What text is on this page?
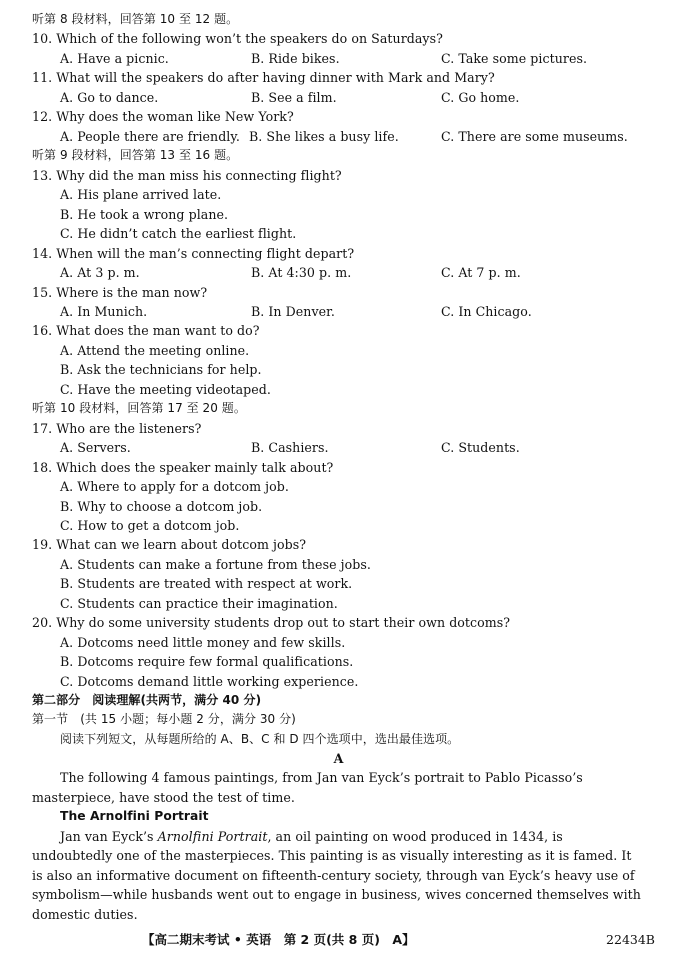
听第 8 段材料，回答第 10 至 12 题。
10. Which of the following won’t the speakers do on Saturdays?
A. Have a picnic.	B. Ride bikes.	C. Take some pictures.
11. What will the speakers do after having dinner with Mark and Mary?
A. Go to dance.	B. See a film.	C. Go home.
12. Why does the woman like New York?
A. People there are friendly. B. She likes a busy life.	C. There are some museums.
听第 9 段材料，回答第 13 至 16 题。
13. Why did the man miss his connecting flight?
A. His plane arrived late.
B. He took a wrong plane.
C. He didn’t catch the earliest flight.
14. When will the man’s connecting flight depart?
A. At 3 p. m.	B. At 4:30 p. m.	C. At 7 p. m.
15. Where is the man now?
A. In Munich.	B. In Denver.	C. In Chicago.
16. What does the man want to do?
A. Attend the meeting online.
B. Ask the technicians for help.
C. Have the meeting videotaped.
听第 10 段材料，回答第 17 至 20 题。
17. Who are the listeners?
A. Servers.	B. Cashiers.	C. Students.
18. Which does the speaker mainly talk about?
A. Where to apply for a dotcom job.
B. Why to choose a dotcom job.
C. How to get a dotcom job.
19. What can we learn about dotcom jobs?
A. Students can make a fortune from these jobs.
B. Students are treated with respect at work.
C. Students can practice their imagination.
20. Why do some university students drop out to start their own dotcoms?
A. Dotcoms need little money and few skills.
B. Dotcoms require few formal qualifications.
C. Dotcoms demand little working experience.
第二部分　阅读理解(共两节，满分 40 分)
第一节　(共 15 小题；每小题 2 分，满分 30 分)
阅读下列短文，从每题所给的 A、B、C 和 D 四个选项中，选出最佳选项。
A
The following 4 famous paintings, from Jan van Eyck’s portrait to Pablo Picasso’s
masterpiece, have stood the test of time.
The Arnolfini Portrait
Jan van Eyck’s Arnolfini Portrait, an oil painting on wood produced in 1434, is
undoubtedly one of the masterpieces. This painting is as visually interesting as it is famed. It
is also an informative document on fifteenth-century society, through van Eyck’s heavy use of
symbolism—while husbands went out to engage in business, wives concerned themselves with
domestic duties.
【高二期末考试 • 英语　第 2 页(共 8 页)　A】	22434B
